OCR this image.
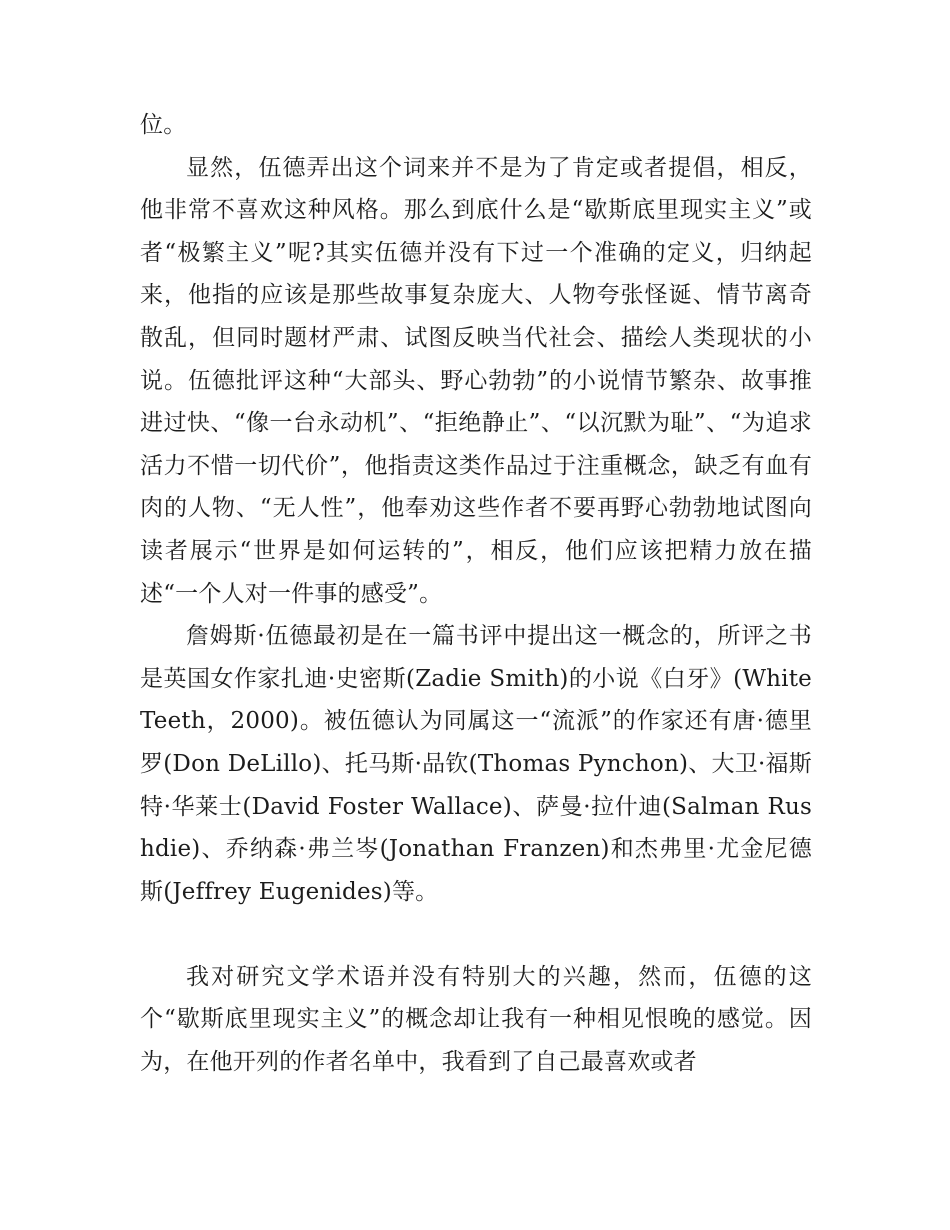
位。

显然，伍德弄出这个词来并不是为了肯定或者提倡，相反，他非常不喜欢这种风格。那么到底什么是“歇斯底里现实主义”或者“极繁主义”呢?其实伍德并没有下过一个准确的定义，归纳起来，他指的应该是那些故事复杂庞大、人物夸张怪诞、情节离奇散乱，但同时题材严肃、试图反映当代社会、描绘人类现状的小说。伍德批评这种“大部头、野心勃勃”的小说情节繁杂、故事推进过快、“像一台永动机”、“拒绝静止”、“以沉默为耻”、“为追求活力不惜一切代价”，他指责这类作品过于注重概念，缺乏有血有肉的人物、“无人性”，他奉劝这些作者不要再野心勃勃地试图向读者展示“世界是如何运转的”，相反，他们应该把精力放在描述“一个人对一件事的感受”。

詹姆斯·伍德最初是在一篇书评中提出这一概念的，所评之书是英国女作家扎迪·史密斯(Zadie Smith)的小说《白牙》(White Teeth，2000)。被伍德认为同属这一“流派”的作家还有唐·德里罗(Don DeLillo)、托马斯·品钦(Thomas Pynchon)、大卫·福斯特·华莱士(David Foster Wallace)、萨曼·拉什迪(Salman Rushdie)、乔纳森·弗兰岑(Jonathan Franzen)和杰弗里·尤金尼德斯(Jeffrey Eugenides)等。

我对研究文学术语并没有特别大的兴趣，然而，伍德的这个“歇斯底里现实主义”的概念却让我有一种相见恨晚的感觉。因为，在他开列的作者名单中，我看到了自己最喜欢或者
